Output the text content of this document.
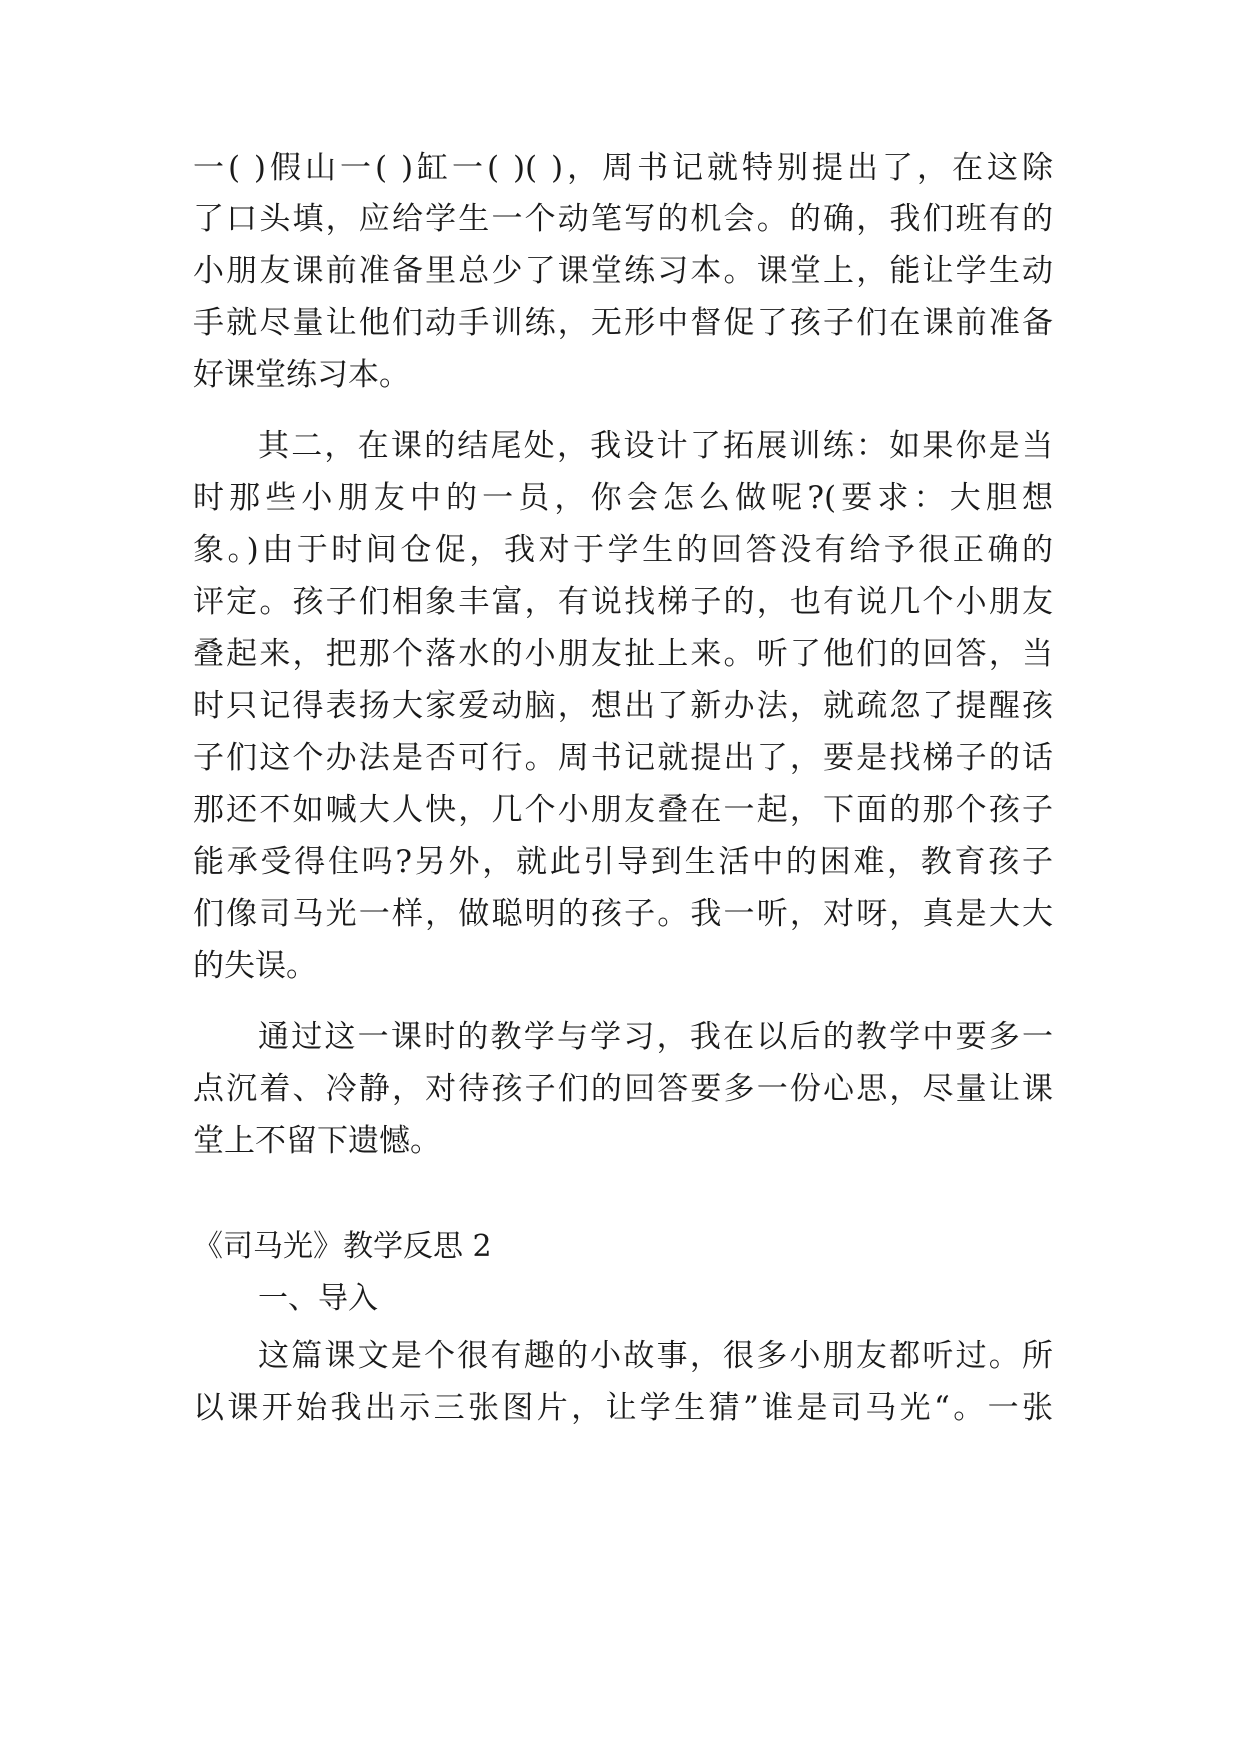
一( )假山一( )缸一( )( )，周书记就特别提出了，在这除
了口头填，应给学生一个动笔写的机会。的确，我们班有的
小朋友课前准备里总少了课堂练习本。课堂上，能让学生动
手就尽量让他们动手训练，无形中督促了孩子们在课前准备
好课堂练习本。
其二，在课的结尾处，我设计了拓展训练：如果你是当
时那些小朋友中的一员，你会怎么做呢?(要求：大胆想
象。)由于时间仓促，我对于学生的回答没有给予很正确的
评定。孩子们相象丰富，有说找梯子的，也有说几个小朋友
叠起来，把那个落水的小朋友扯上来。听了他们的回答，当
时只记得表扬大家爱动脑，想出了新办法，就疏忽了提醒孩
子们这个办法是否可行。周书记就提出了，要是找梯子的话
那还不如喊大人快，几个小朋友叠在一起，下面的那个孩子
能承受得住吗?另外，就此引导到生活中的困难，教育孩子
们像司马光一样，做聪明的孩子。我一听，对呀，真是大大
的失误。
通过这一课时的教学与学习，我在以后的教学中要多一
点沉着、冷静，对待孩子们的回答要多一份心思，尽量让课
堂上不留下遗憾。
《司马光》教学反思 2
一、导入
这篇课文是个很有趣的小故事，很多小朋友都听过。所
以课开始我出示三张图片，让学生猜”谁是司马光“。一张
